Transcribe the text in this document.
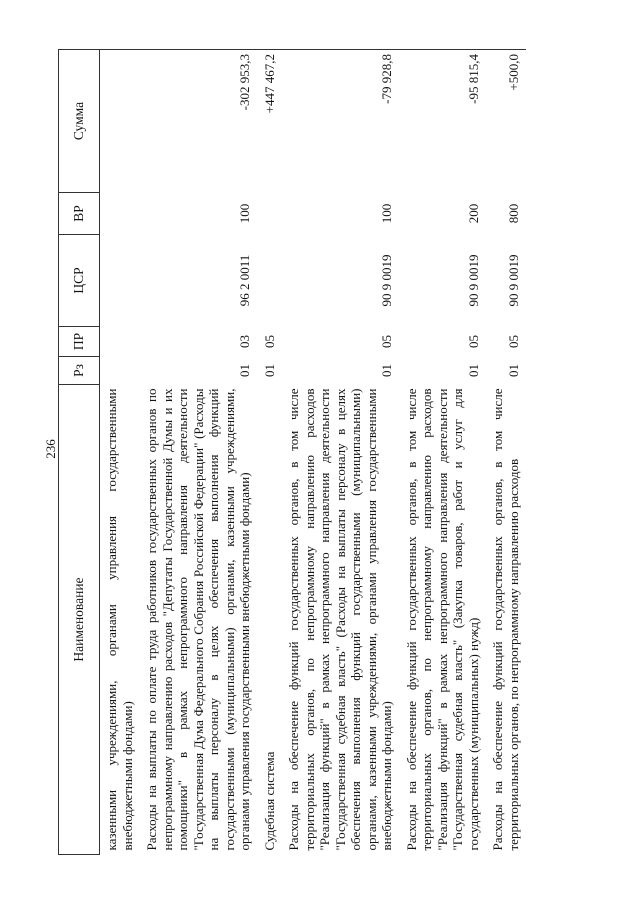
236
Наименование	Рз	ПР	ЦСР	ВР	Сумма
казенными учреждениями, органами управления государственными внебюджетными фондами)					
Расходы на выплаты по оплате труда работников государственных органов по непрограммному направлению расходов "Депутаты Государственной Думы и их помощники" в рамках непрограммного направления деятельности "Государственная Дума Федерального Собрания Российской Федерации" (Расходы на выплаты персоналу в целях обеспечения выполнения функций государственными (муниципальными) органами, казенными учреждениями, органами управления государственными внебюджетными фондами)	01	03	96 2 0011	100	-302 953,3
Судебная система	01	05			+447 467,2
Расходы на обеспечение функций государственных органов, в том числе территориальных органов, по непрограммному направлению расходов "Реализация функций" в рамках непрограммного направления деятельности "Государственная судебная власть" (Расходы на выплаты персоналу в целях обеспечения выполнения функций государственными (муниципальными) органами, казенными учреждениями, органами управления государственными внебюджетными фондами)	01	05	90 9 0019	100	-79 928,8
Расходы на обеспечение функций государственных органов, в том числе территориальных органов, по непрограммному направлению расходов "Реализация функций" в рамках непрограммного направления деятельности "Государственная судебная власть" (Закупка товаров, работ и услуг для государственных (муниципальных) нужд)	01	05	90 9 0019	200	-95 815,4
Расходы на обеспечение функций государственных органов, в том числе территориальных органов, по непрограммному направлению расходов	01	05	90 9 0019	800	+500,0
